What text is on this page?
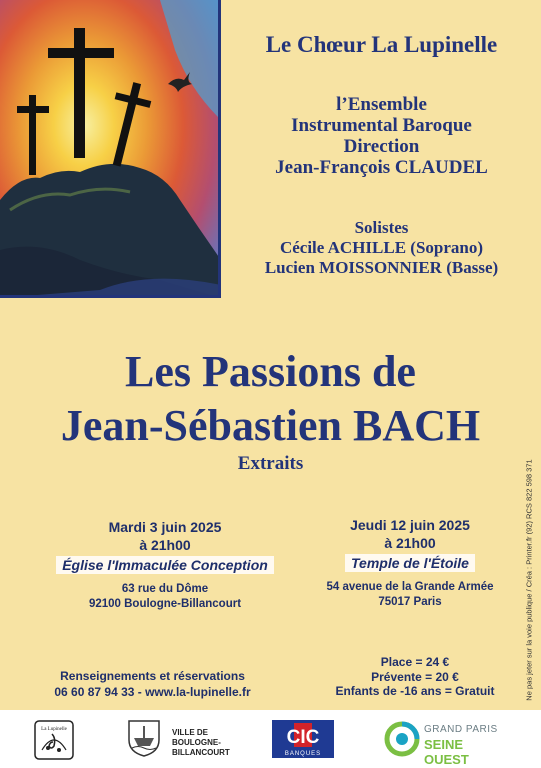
Le Chœur La Lupinelle
l’Ensemble
Instrumental Baroque
Direction
Jean-François CLAUDEL
Solistes
Cécile ACHILLE (Soprano)
Lucien MOISSONNIER (Basse)
Les Passions de
Jean-Sébastien BACH
Extraits
Mardi 3 juin 2025
à 21h00
Église l'Immaculée Conception
63 rue du Dôme
92100 Boulogne-Billancourt
Jeudi 12 juin 2025
à 21h00
Temple de l'Étoile
54 avenue de la Grande Armée
75017 Paris
Renseignements et réservations
06 60 87 94 33 - www.la-lupinelle.fr
Place = 24 €
Prévente = 20 €
Enfants de -16 ans = Gratuit	Ne pas jeter sur la voie publique / Créa : Printer.fr (92) RCS 822 598 371
La Lupinelle	VILLE DE
BOULOGNE-
BILLANCOURT
CIC
BANQUES
GRAND PARIS
SEINE OUEST
